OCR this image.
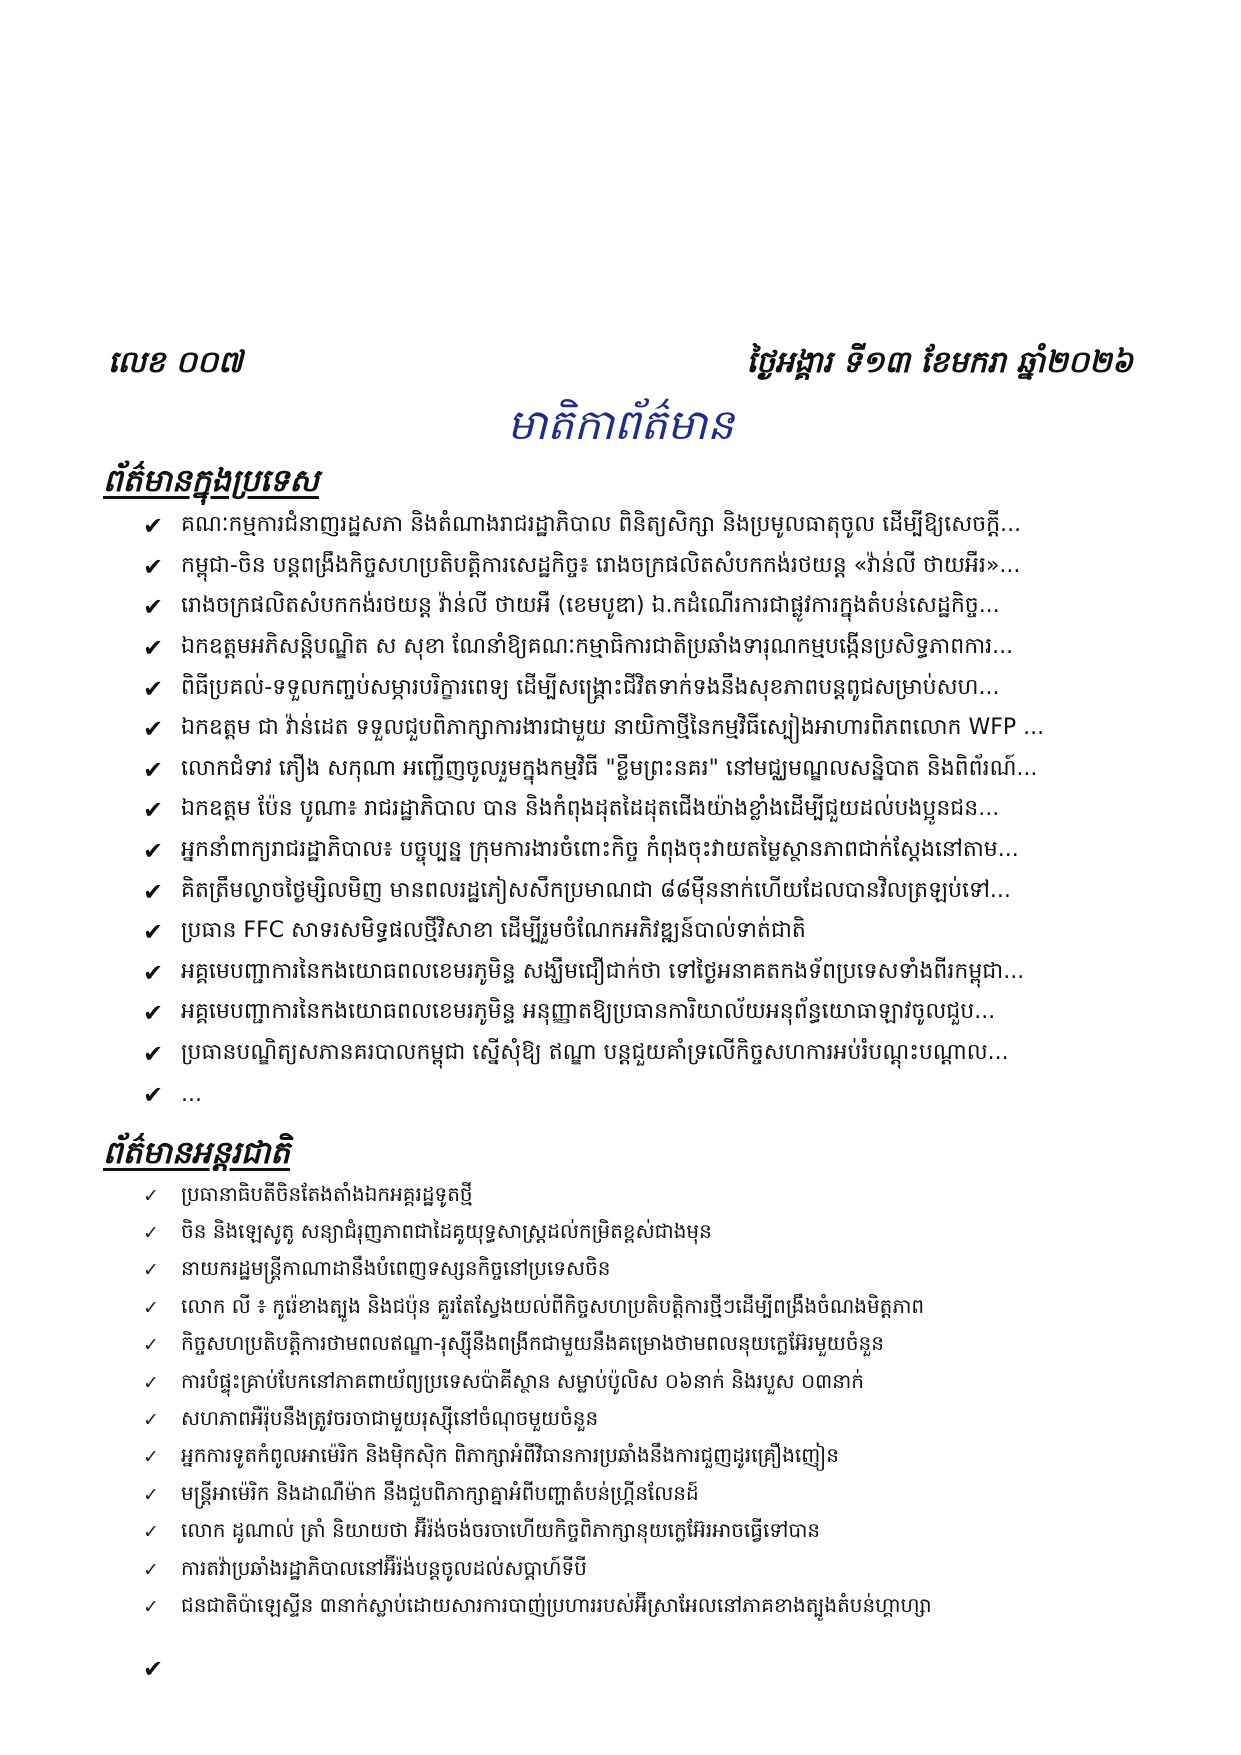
លេខ ០០៧	ថ្ងៃអង្គារ ទី១៣ ខែមករា ឆ្នាំ២០២៦
មាតិកាព័ត៌មាន
ព័ត៌មានក្នុងប្រទេស
✔ គណៈកម្មការជំនាញរដ្ឋសភា និងតំណាងរាជរដ្ឋាភិបាល ពិនិត្យសិក្សា និងប្រមូលធាតុចូល ដើម្បីឱ្យសេចក្តី...
✔ កម្ពុជា-ចិន បន្តពង្រឹងកិច្ចសហប្រតិបត្តិការសេដ្ឋកិច្ច៖ រោងចក្រផលិតសំបកកង់រថយន្ត «វ៉ាន់លី ថាយអឺរ»...
✔ រោងចក្រផលិតសំបកកង់រថយន្ត វ៉ាន់លី ថាយអឺ (ខេមបូឌា) ឯ.កដំណើរការជាផ្លូវការក្នុងតំបន់សេដ្ឋកិច្ច...
✔ ឯកឧត្តមអភិសន្តិបណ្ឌិត ស សុខា ណែនាំឱ្យគណៈកម្មាធិការជាតិប្រឆាំងទារុណកម្មបង្កើនប្រសិទ្ធភាពការ...
✔ ពិធីប្រគល់-ទទួលកញ្ចប់សម្ភារបរិក្ខារពេទ្យ ដើម្បីសង្គ្រោះជីវិតទាក់ទងនឹងសុខភាពបន្តពូជសម្រាប់សហ...
✔ ឯកឧត្តម ជា វ៉ាន់ដេត ទទួលជួបពិភាក្សាការងារជាមួយ នាយិកាថ្មីនៃកម្មវិធីស្បៀងអាហារពិភពលោក WFP ...
✔ លោកជំទាវ ភឿង សកុណា អញ្ជើញចូលរួមក្នុងកម្មវិធី "ខ្លឹមព្រះនគរ" នៅមជ្ឈមណ្ឌលសន្និបាត និងពិព័រណ៍...
✔ ឯកឧត្តម ប៉ែន បូណា៖ រាជរដ្ឋាភិបាល បាន និងកំពុងដុតដៃដុតជើងយ៉ាងខ្លាំងដើម្បីជួយដល់បងប្អូនជន...
✔ អ្នកនាំពាក្យរាជរដ្ឋាភិបាល៖ បច្ចុប្បន្ន ក្រុមការងារចំពោះកិច្ច កំពុងចុះវាយតម្លៃស្ថានភាពជាក់ស្តែងនៅតាម...
✔ គិតត្រឹមល្ងាចថ្ងៃម្សិលមិញ មានពលរដ្ឋភៀសសឹកប្រមាណជា ៨៨ម៉ឺននាក់ហើយដែលបានវិលត្រឡប់ទៅ...
✔ ប្រធាន FFC សាទរសមិទ្ធផលថ្មីវិសាខា ដើម្បីរួមចំណែកអភិវឌ្ឍន៍បាល់ទាត់ជាតិ
✔ អគ្គមេបញ្ជាការនៃកងយោធពលខេមរភូមិន្ទ សង្ឃឹមជឿជាក់ថា ទៅថ្ងៃអនាគតកងទ័ពប្រទេសទាំងពីរកម្ពុជា...
✔ អគ្គមេបញ្ជាការនៃកងយោធពលខេមរភូមិន្ទ អនុញ្ញាតឱ្យប្រធានការិយាល័យអនុព័ន្ធយោធាឡាវចូលជួប...
✔ ប្រធានបណ្ឌិត្យសភានគរបាលកម្ពុជា ស្នើសុំឱ្យ ឥណ្ឌា បន្តជួយគាំទ្រលើកិច្ចសហការអប់រំបណ្តុះបណ្តាល...
✔ ...
ព័ត៌មានអន្តរជាតិ
✓	ប្រធានាធិបតីចិនតែងតាំងឯកអគ្គរដ្ឋទូតថ្មី
✓	ចិន និងឡេសូតូ សន្យាជំរុញភាពជាដៃគូយុទ្ធសាស្ត្រដល់កម្រិតខ្ពស់ជាងមុន
✓	នាយករដ្ឋមន្ត្រីកាណាដានឹងបំពេញទស្សនកិច្ចនៅប្រទេសចិន
✓	លោក លី ៖ កូរ៉េខាងត្បូង និងជប៉ុន គួរតែស្វែងយល់ពីកិច្ចសហប្រតិបត្តិការថ្មីៗដើម្បីពង្រឹងចំណងមិត្តភាព
✓	កិច្ចសហប្រតិបត្តិការថាមពលឥណ្ឌា-រុស្ស៊ីនឹងពង្រីកជាមួយនឹងគម្រោងថាមពលនុយក្លេអ៊ែរមួយចំនួន
✓	ការបំផ្ទុះគ្រាប់បែកនៅភាគពាយ័ព្យប្រទេសប៉ាគីស្ថាន សម្លាប់ប៉ូលិស ០៦នាក់ និងរបួស ០៣នាក់
✓	សហភាពអឺរ៉ុបនឹងត្រូវចរចាជាមួយរុស្ស៊ីនៅចំណុចមួយចំនួន
✓	អ្នកការទូតកំពូលអាម៉េរិក និងម៉ិកស៊ិក ពិភាក្សាអំពីវិធានការប្រឆាំងនឹងការជួញដូរគ្រឿងញៀន
✓	មន្ត្រីអាម៉េរិក និងដាណឺម៉ាក នឹងជួបពិភាក្សាគ្នាអំពីបញ្ហាតំបន់ហ្គ្រីនលែនដ៍
✓	លោក ដូណាល់ ត្រាំ និយាយថា អ៊ីរ៉ង់ចង់ចរចាហើយកិច្ចពិភាក្សានុយក្លេអ៊ែរអាចធ្វើទៅបាន
✓	ការតវ៉ាប្រឆាំងរដ្ឋាភិបាលនៅអ៊ីរ៉ង់បន្តចូលដល់សប្តាហ៍ទីបី
✓	ជនជាតិប៉ាឡេស្ទីន ៣នាក់ស្លាប់ដោយសារការបាញ់ប្រហាររបស់អ៊ីស្រាអែលនៅភាគខាងត្បូងតំបន់ហ្គាហ្សា
✔
